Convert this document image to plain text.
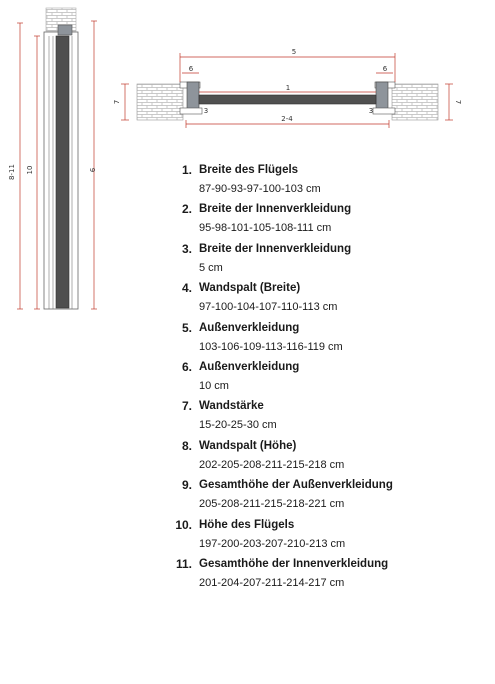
8-11 10	9
5
6	6
1
3	3
2-4
7	7
1. Breite des Flügels
87-90-93-97-100-103 cm
2. Breite der Innenverkleidung
95-98-101-105-108-111 cm
3. Breite der Innenverkleidung
5 cm
4. Wandspalt (Breite)
97-100-104-107-110-113 cm
5. Außenverkleidung
103-106-109-113-116-119 cm
6. Außenverkleidung
10 cm
7. Wandstärke
15-20-25-30 cm
8. Wandspalt (Höhe)
202-205-208-211-215-218 cm
9. Gesamthöhe der Außenverkleidung
205-208-211-215-218-221 cm
10. Höhe des Flügels
197-200-203-207-210-213 cm
11. Gesamthöhe der Innenverkleidung
201-204-207-211-214-217 cm
